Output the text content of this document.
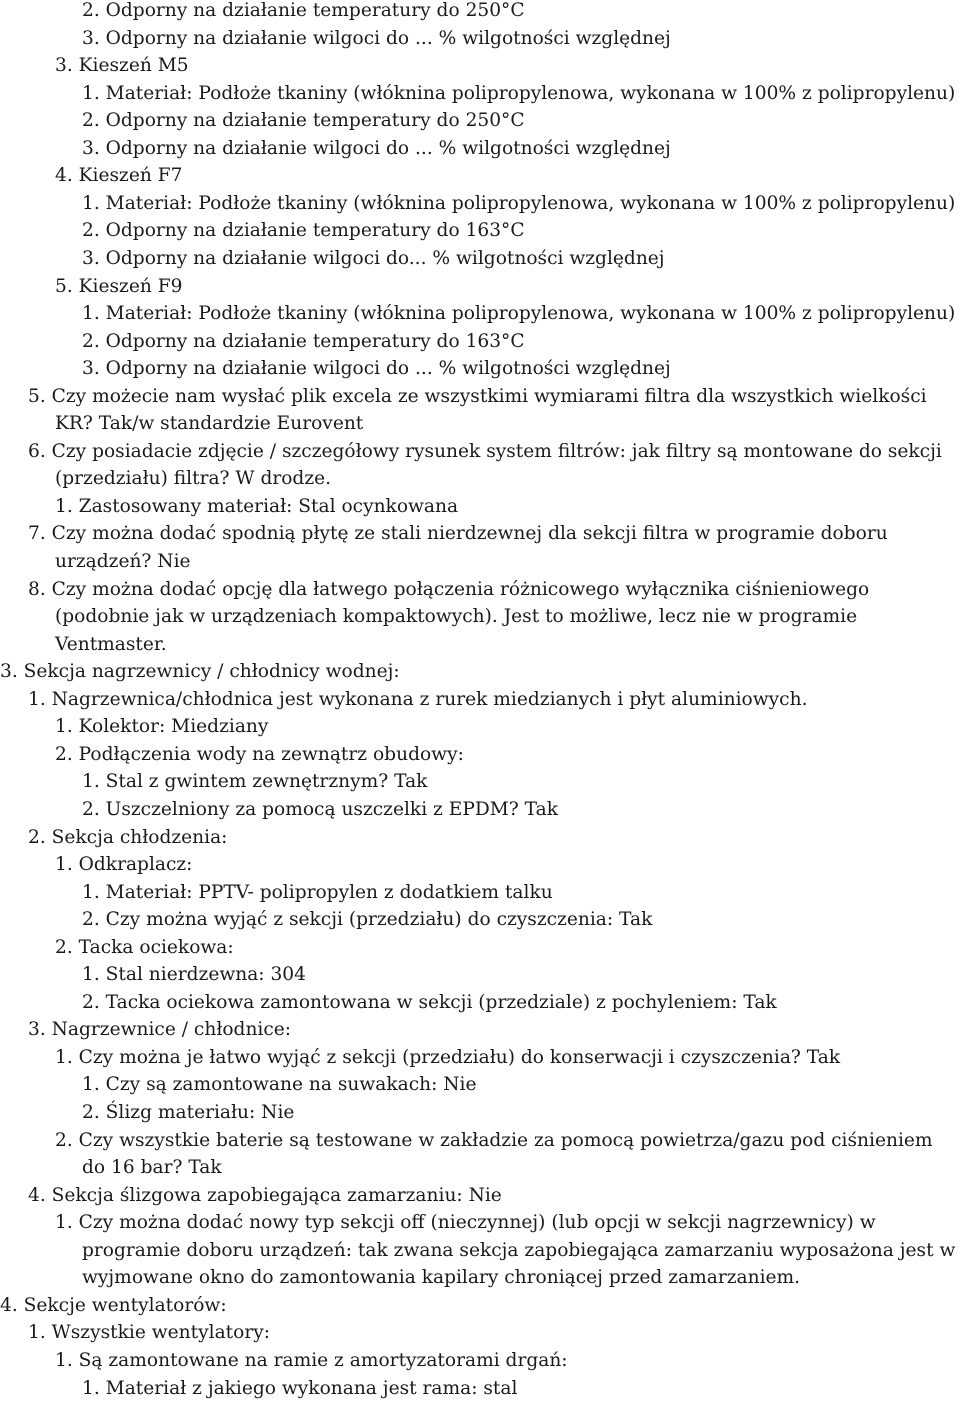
2. Odporny na działanie temperatury do 250°C
3. Odporny na działanie wilgoci do ... % wilgotności względnej
3. Kieszeń M5
1. Materiał: Podłoże tkaniny (włóknina polipropylenowa, wykonana w 100% z polipropylenu)
2. Odporny na działanie temperatury do 250°C
3. Odporny na działanie wilgoci do ... % wilgotności względnej
4. Kieszeń F7
1. Materiał: Podłoże tkaniny (włóknina polipropylenowa, wykonana w 100% z polipropylenu)
2. Odporny na działanie temperatury do 163°C
3. Odporny na działanie wilgoci do... % wilgotności względnej
5. Kieszeń F9
1. Materiał: Podłoże tkaniny (włóknina polipropylenowa, wykonana w 100% z polipropylenu)
2. Odporny na działanie temperatury do 163°C
3. Odporny na działanie wilgoci do ... % wilgotności względnej
5. Czy możecie nam wysłać plik excela ze wszystkimi wymiarami filtra dla wszystkich wielkości
KR? Tak/w standardzie Eurovent
6. Czy posiadacie zdjęcie / szczegółowy rysunek system filtrów: jak filtry są montowane do sekcji
(przedziału) filtra? W drodze.
1. Zastosowany materiał: Stal ocynkowana
7. Czy można dodać spodnią płytę ze stali nierdzewnej dla sekcji filtra w programie doboru
urządzeń? Nie
8. Czy można dodać opcję dla łatwego połączenia różnicowego wyłącznika ciśnieniowego
(podobnie jak w urządzeniach kompaktowych). Jest to możliwe, lecz nie w programie
Ventmaster.
3. Sekcja nagrzewnicy / chłodnicy wodnej:
1. Nagrzewnica/chłodnica jest wykonana z rurek miedzianych i płyt aluminiowych.
1. Kolektor: Miedziany
2. Podłączenia wody na zewnątrz obudowy:
1. Stal z gwintem zewnętrznym? Tak
2. Uszczelniony za pomocą uszczelki z EPDM? Tak
2. Sekcja chłodzenia:
1. Odkraplacz:
1. Materiał: PPTV- polipropylen z dodatkiem talku
2. Czy można wyjąć z sekcji (przedziału) do czyszczenia: Tak
2. Tacka ociekowa:
1. Stal nierdzewna: 304
2. Tacka ociekowa zamontowana w sekcji (przedziale) z pochyleniem: Tak
3. Nagrzewnice / chłodnice:
1. Czy można je łatwo wyjąć z sekcji (przedziału) do konserwacji i czyszczenia? Tak
1. Czy są zamontowane na suwakach: Nie
2. Ślizg materiału: Nie
2. Czy wszystkie baterie są testowane w zakładzie za pomocą powietrza/gazu pod ciśnieniem
do 16 bar? Tak
4. Sekcja ślizgowa zapobiegająca zamarzaniu: Nie
1. Czy można dodać nowy typ sekcji off (nieczynnej) (lub opcji w sekcji nagrzewnicy) w
programie doboru urządzeń: tak zwana sekcja zapobiegająca zamarzaniu wyposażona jest w
wyjmowane okno do zamontowania kapilary chroniącej przed zamarzaniem.
4. Sekcje wentylatorów:
1. Wszystkie wentylatory:
1. Są zamontowane na ramie z amortyzatorami drgań:
1. Materiał z jakiego wykonana jest rama: stal
